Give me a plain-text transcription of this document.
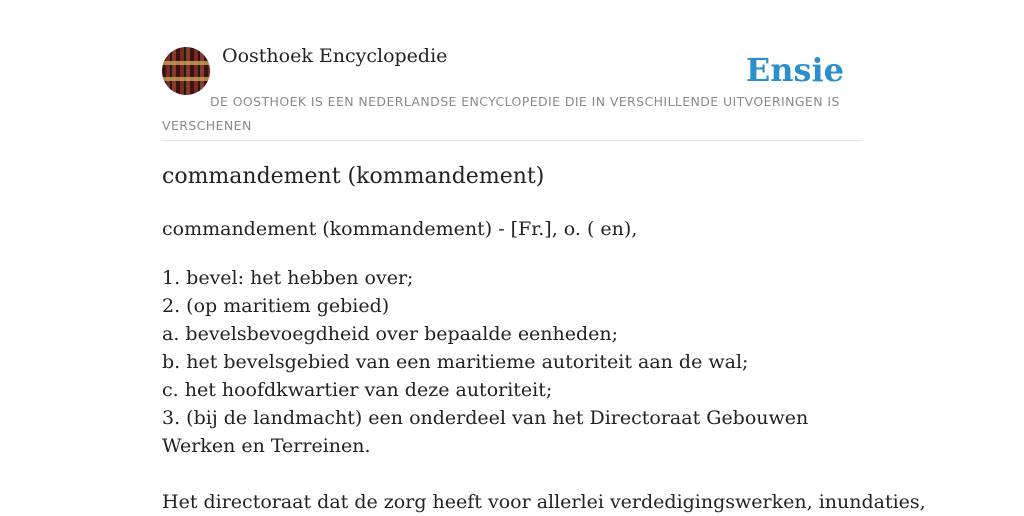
Oosthoek Encyclopedie	Ensie
DE OOSTHOEK IS EEN NEDERLANDSE ENCYCLOPEDIE DIE IN VERSCHILLENDE UITVOERINGEN IS VERSCHENEN
commandement (kommandement)

commandement (kommandement) - [Fr.], o. ( en),

1. bevel: het hebben over;
2. (op maritiem gebied)
a. bevelsbevoegdheid over bepaalde eenheden;
b. het bevelsgebied van een maritieme autoriteit aan de wal;
c. het hoofdkwartier van deze autoriteit;
3. (bij de landmacht) een onderdeel van het Directoraat Gebouwen Werken en Terreinen.

Het directoraat dat de zorg heeft voor allerlei verdedigingswerken, inundaties,
